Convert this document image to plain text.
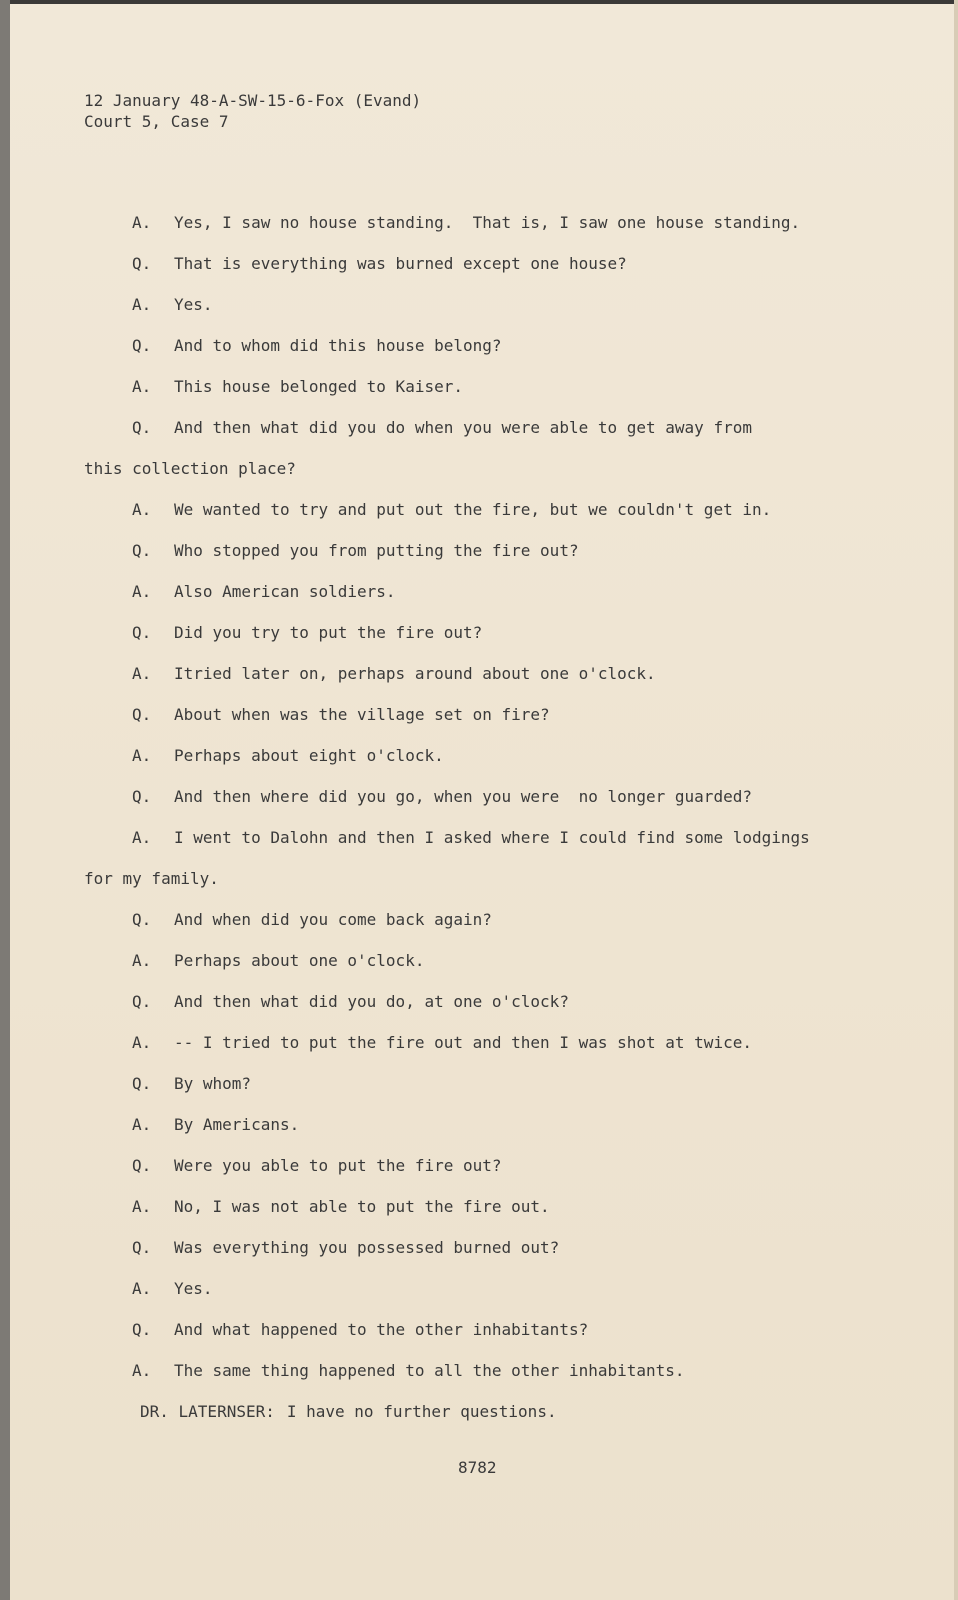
12 January 48-A-SW-15-6-Fox (Evand)
Court 5, Case 7
A. Yes, I saw no house standing.  That is, I saw one house standing.
Q. That is everything was burned except one house?
A. Yes.
Q. And to whom did this house belong?
A. This house belonged to Kaiser.
Q. And then what did you do when you were able to get away from
this collection place?
A. We wanted to try and put out the fire, but we couldn't get in.
Q. Who stopped you from putting the fire out?
A. Also American soldiers.
Q. Did you try to put the fire out?
A. Itried later on, perhaps around about one o'clock.
Q. About when was the village set on fire?
A. Perhaps about eight o'clock.
Q. And then where did you go, when you were  no longer guarded?
A. I went to Dalohn and then I asked where I could find some lodgings
for my family.
Q. And when did you come back again?
A. Perhaps about one o'clock.
Q. And then what did you do, at one o'clock?
A. -- I tried to put the fire out and then I was shot at twice.
Q. By whom?
A. By Americans.
Q. Were you able to put the fire out?
A. No, I was not able to put the fire out.
Q. Was everything you possessed burned out?
A. Yes.
Q. And what happened to the other inhabitants?
A. The same thing happened to all the other inhabitants.
DR. LATERNSER: I have no further questions.
8782
